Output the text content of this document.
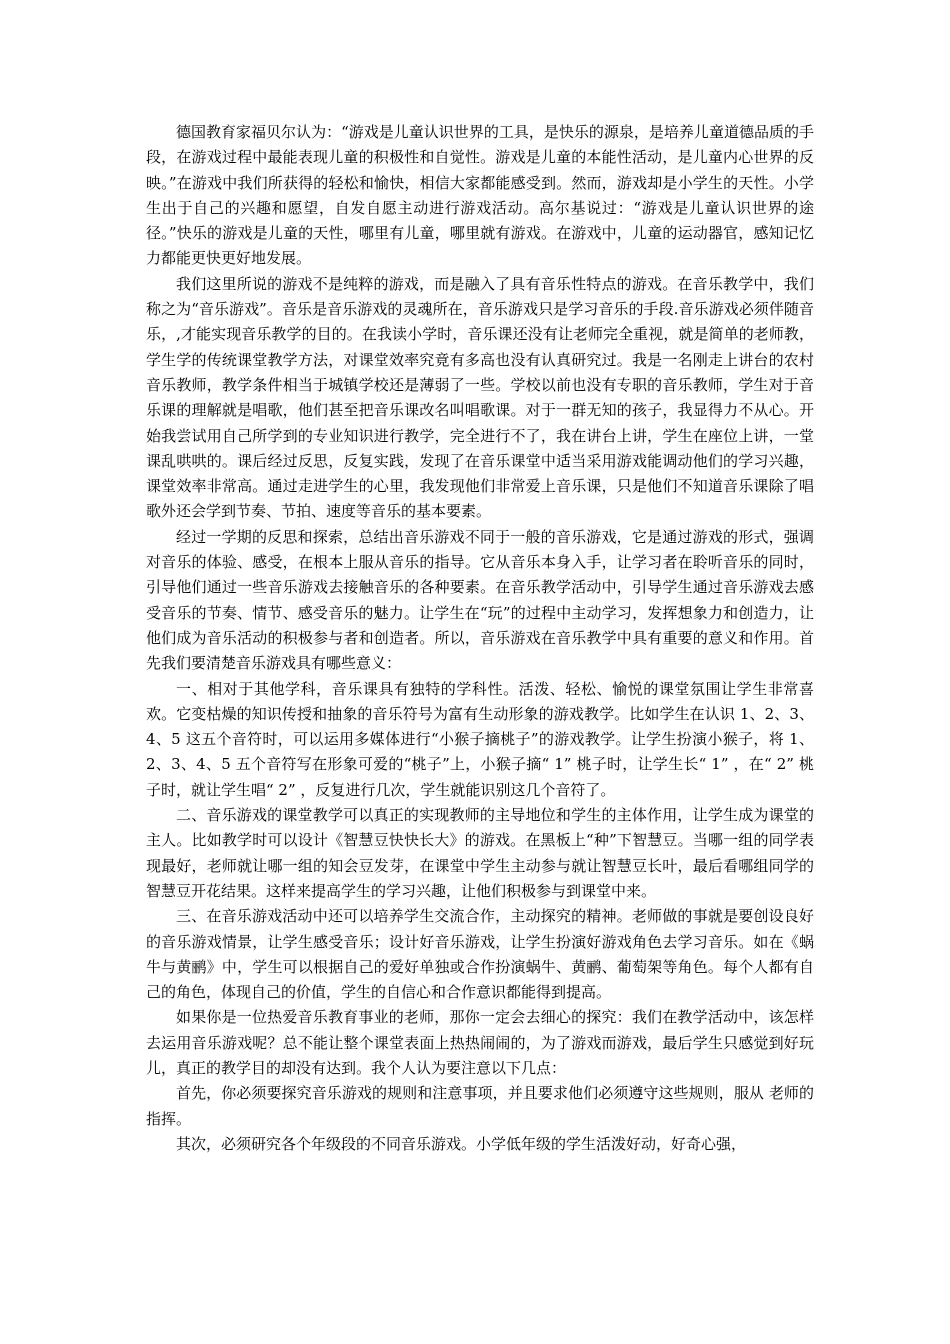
德国教育家福贝尔认为：“游戏是儿童认识世界的工具，是快乐的源泉，是培养儿童道德品质的手段，在游戏过程中最能表现儿童的积极性和自觉性。游戏是儿童的本能性活动，是儿童内心世界的反映。”在游戏中我们所获得的轻松和愉快，相信大家都能感受到。然而，游戏却是小学生的天性。小学生出于自己的兴趣和愿望，自发自愿主动进行游戏活动。高尔基说过：“游戏是儿童认识世界的途径。”快乐的游戏是儿童的天性，哪里有儿童，哪里就有游戏。在游戏中，儿童的运动器官，感知记忆力都能更快更好地发展。

我们这里所说的游戏不是纯粹的游戏，而是融入了具有音乐性特点的游戏。在音乐教学中，我们称之为“音乐游戏”。音乐是音乐游戏的灵魂所在，音乐游戏只是学习音乐的手段.音乐游戏必须伴随音乐，,才能实现音乐教学的目的。在我读小学时，音乐课还没有让老师完全重视，就是简单的老师教，学生学的传统课堂教学方法，对课堂效率究竟有多高也没有认真研究过。我是一名刚走上讲台的农村音乐教师，教学条件相当于城镇学校还是薄弱了一些。学校以前也没有专职的音乐教师，学生对于音乐课的理解就是唱歌，他们甚至把音乐课改名叫唱歌课。对于一群无知的孩子，我显得力不从心。开始我尝试用自己所学到的专业知识进行教学，完全进行不了，我在讲台上讲，学生在座位上讲，一堂课乱哄哄的。课后经过反思，反复实践，发现了在音乐课堂中适当采用游戏能调动他们的学习兴趣，课堂效率非常高。通过走进学生的心里，我发现他们非常爱上音乐课，只是他们不知道音乐课除了唱歌外还会学到节奏、节拍、速度等音乐的基本要素。

经过一学期的反思和探索，总结出音乐游戏不同于一般的音乐游戏，它是通过游戏的形式，强调对音乐的体验、感受，在根本上服从音乐的指导。它从音乐本身入手，让学习者在聆听音乐的同时，引导他们通过一些音乐游戏去接触音乐的各种要素。在音乐教学活动中，引导学生通过音乐游戏去感受音乐的节奏、情节、感受音乐的魅力。让学生在“玩”的过程中主动学习，发挥想象力和创造力，让他们成为音乐活动的积极参与者和创造者。所以，音乐游戏在音乐教学中具有重要的意义和作用。首先我们要清楚音乐游戏具有哪些意义：

一、相对于其他学科，音乐课具有独特的学科性。活泼、轻松、愉悦的课堂氛围让学生非常喜欢。它变枯燥的知识传授和抽象的音乐符号为富有生动形象的游戏教学。比如学生在认识 1、2、3、4、5 这五个音符时，可以运用多媒体进行“小猴子摘桃子”的游戏教学。让学生扮演小猴子，将 1、2、3、4、5 五个音符写在形象可爱的“桃子”上，小猴子摘“ 1” 桃子时，让学生长“ 1” ，在“ 2” 桃子时，就让学生唱“ 2” ，反复进行几次，学生就能识别这几个音符了。

二、音乐游戏的课堂教学可以真正的实现教师的主导地位和学生的主体作用，让学生成为课堂的主人。比如教学时可以设计《智慧豆快快长大》的游戏。在黑板上“种”下智慧豆。当哪一组的同学表现最好，老师就让哪一组的知会豆发芽，在课堂中学生主动参与就让智慧豆长叶，最后看哪组同学的智慧豆开花结果。这样来提高学生的学习兴趣，让他们积极参与到课堂中来。

三、在音乐游戏活动中还可以培养学生交流合作，主动探究的精神。老师做的事就是要创设良好的音乐游戏情景，让学生感受音乐；设计好音乐游戏，让学生扮演好游戏角色去学习音乐。如在《蜗牛与黄鹂》中，学生可以根据自己的爱好单独或合作扮演蜗牛、黄鹂、葡萄架等角色。每个人都有自己的角色，体现自己的价值，学生的自信心和合作意识都能得到提高。

如果你是一位热爱音乐教育事业的老师，那你一定会去细心的探究：我们在教学活动中，该怎样去运用音乐游戏呢？总不能让整个课堂表面上热热闹闹的，为了游戏而游戏，最后学生只感觉到好玩儿，真正的教学目的却没有达到。我个人认为要注意以下几点：

首先，你必须要探究音乐游戏的规则和注意事项，并且要求他们必须遵守这些规则，服从 老师的指挥。

其次，必须研究各个年级段的不同音乐游戏。小学低年级的学生活泼好动，好奇心强，
